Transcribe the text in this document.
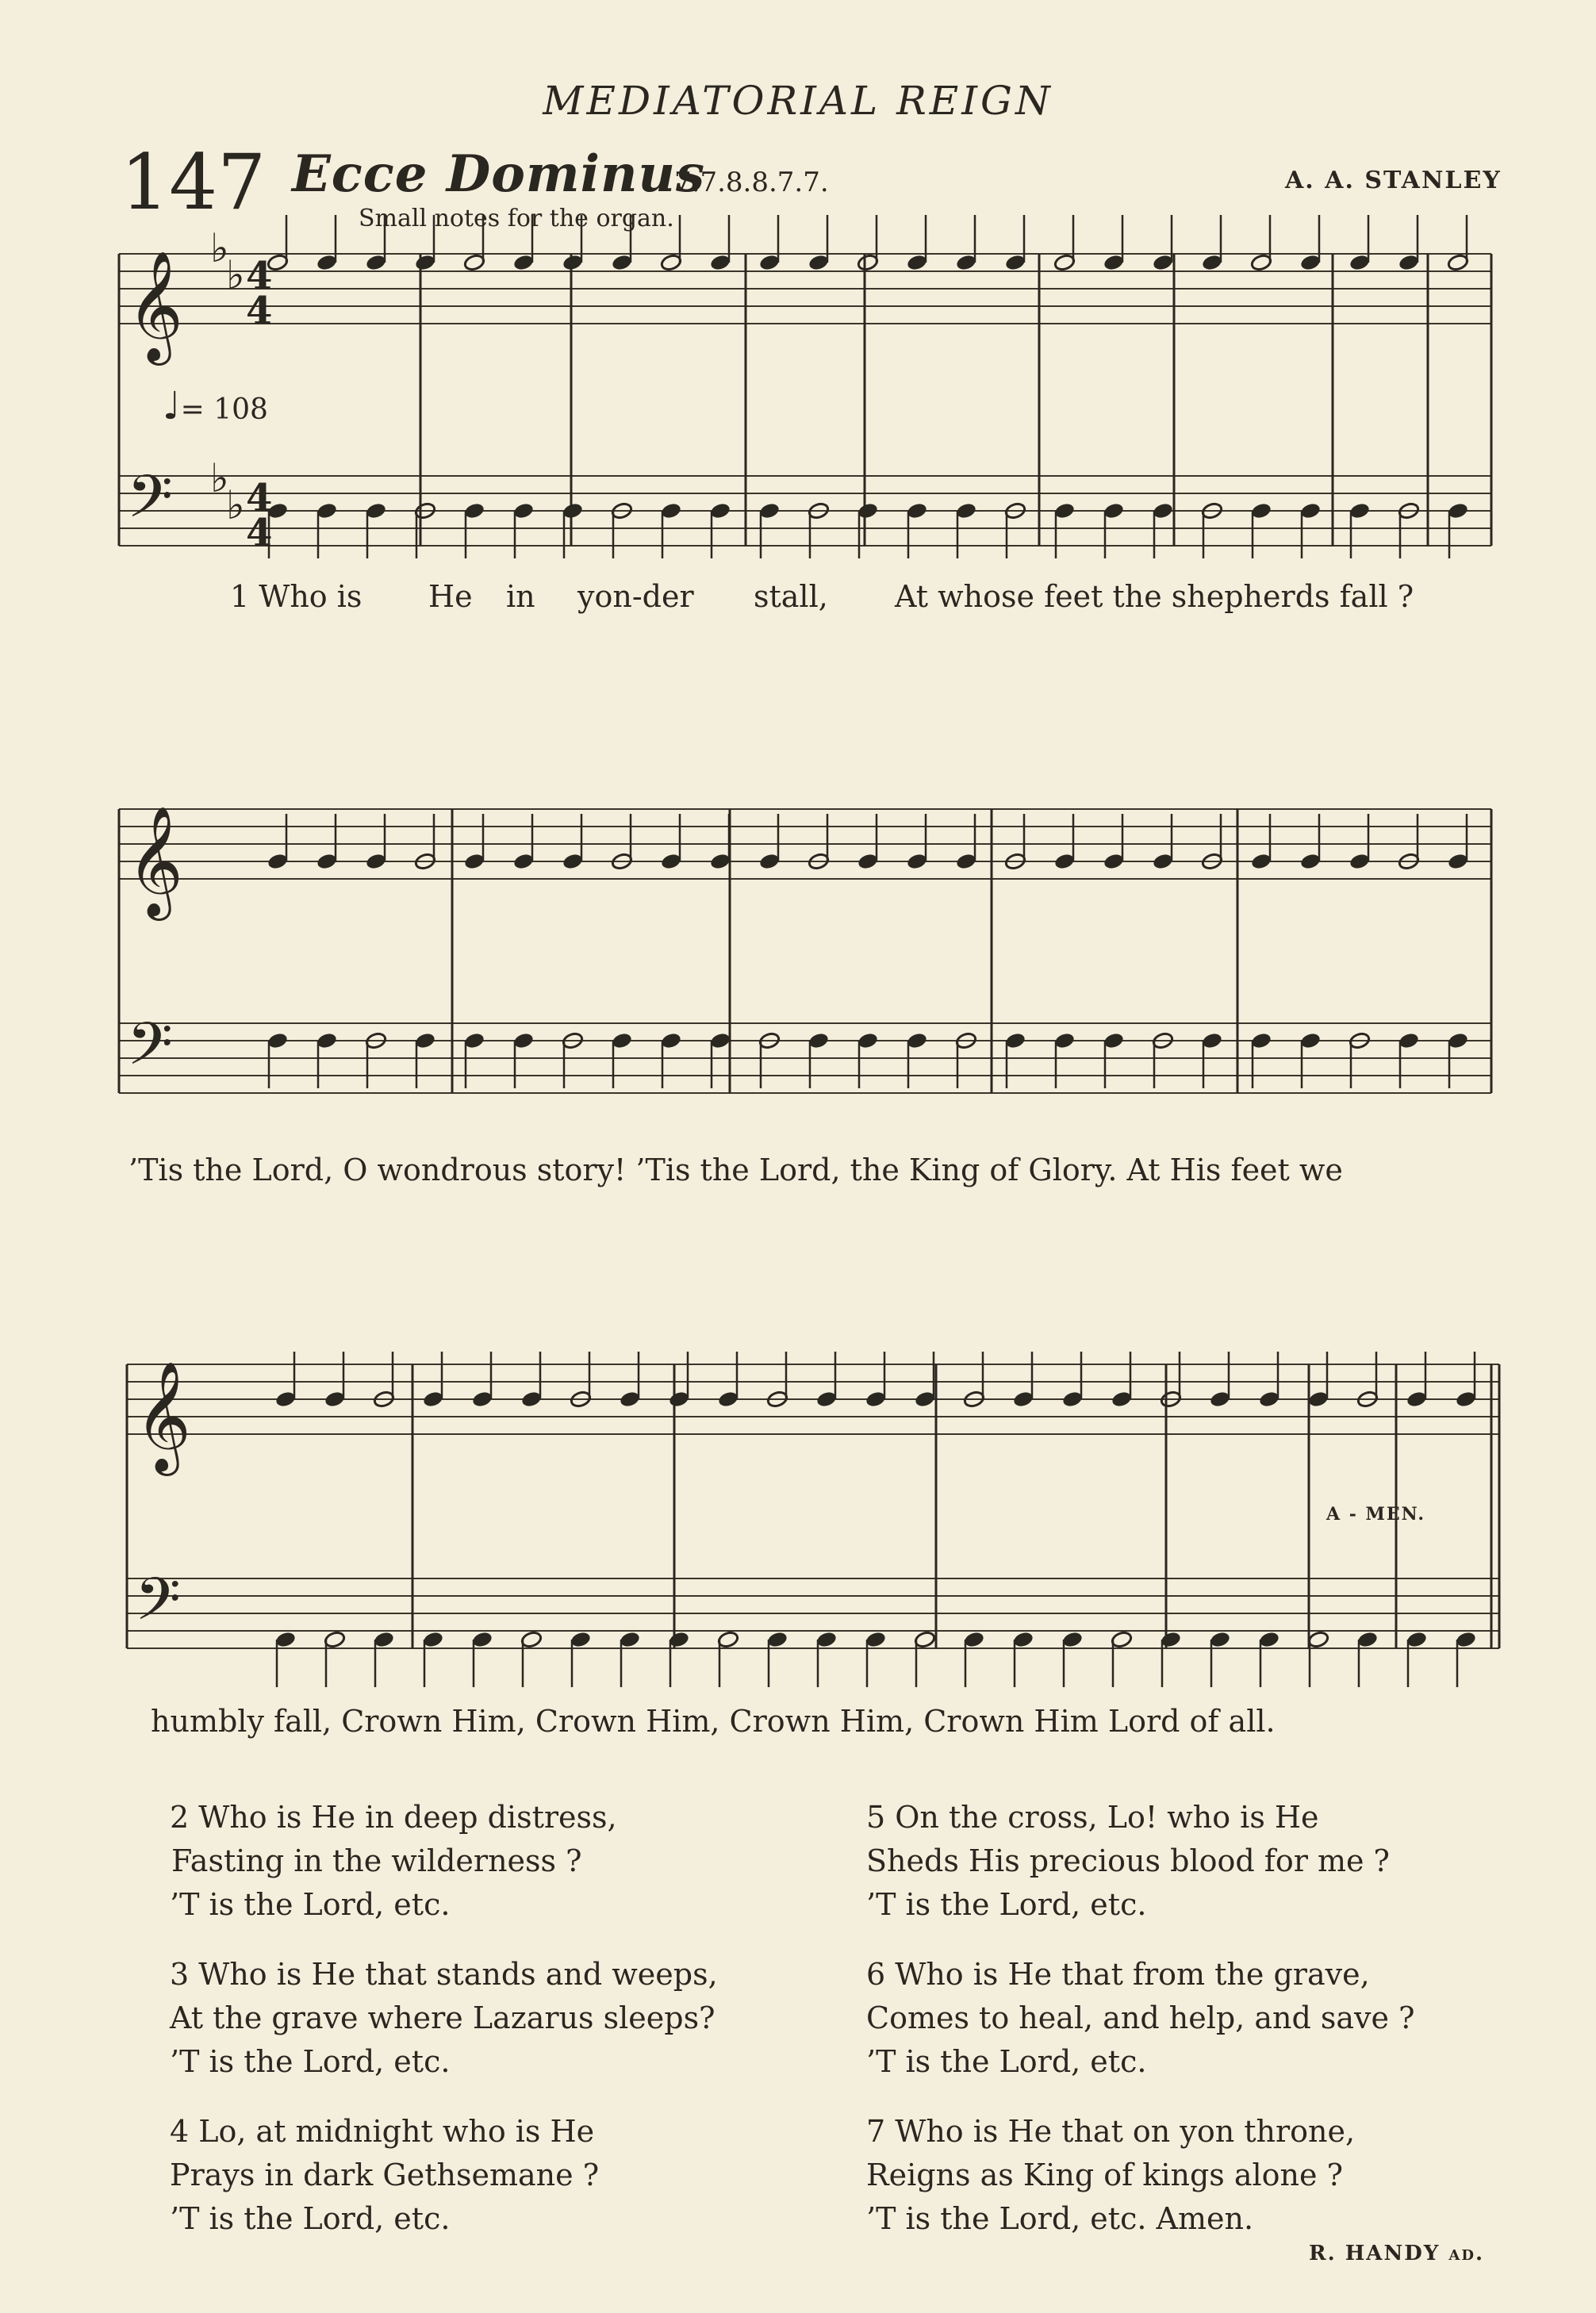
MEDIATORIAL REIGN
147 Ecce Dominus
7.7.8.8.7.7.	A. A. STANLEY
Small notes for the organ.
♩= 108
𝄞
𝄢
𝄞
𝄢
𝄞
𝄢
4
4
4
4
♭
♭
♭
♭
1 Who is He in yon-der stall, At whose feet the shepherds fall ?
’Tis the Lord, O wondrous story! ’Tis the Lord, the King of Glory. At His feet we
humbly fall, Crown Him, Crown Him, Crown Him, Crown Him Lord of all.
A - MEN.
2 Who is He in deep distress,
Fasting in the wilderness ?
’T is the Lord, etc.
3 Who is He that stands and weeps,
At the grave where Lazarus sleeps?
’T is the Lord, etc.
4 Lo, at midnight who is He
Prays in dark Gethsemane ?
’T is the Lord, etc.
5 On the cross, Lo! who is He
Sheds His precious blood for me ?
’T is the Lord, etc.
6 Who is He that from the grave,
Comes to heal, and help, and save ?
’T is the Lord, etc.
7 Who is He that on yon throne,
Reigns as King of kings alone ?
’T is the Lord, etc. Amen.
R. HANDY ad.
